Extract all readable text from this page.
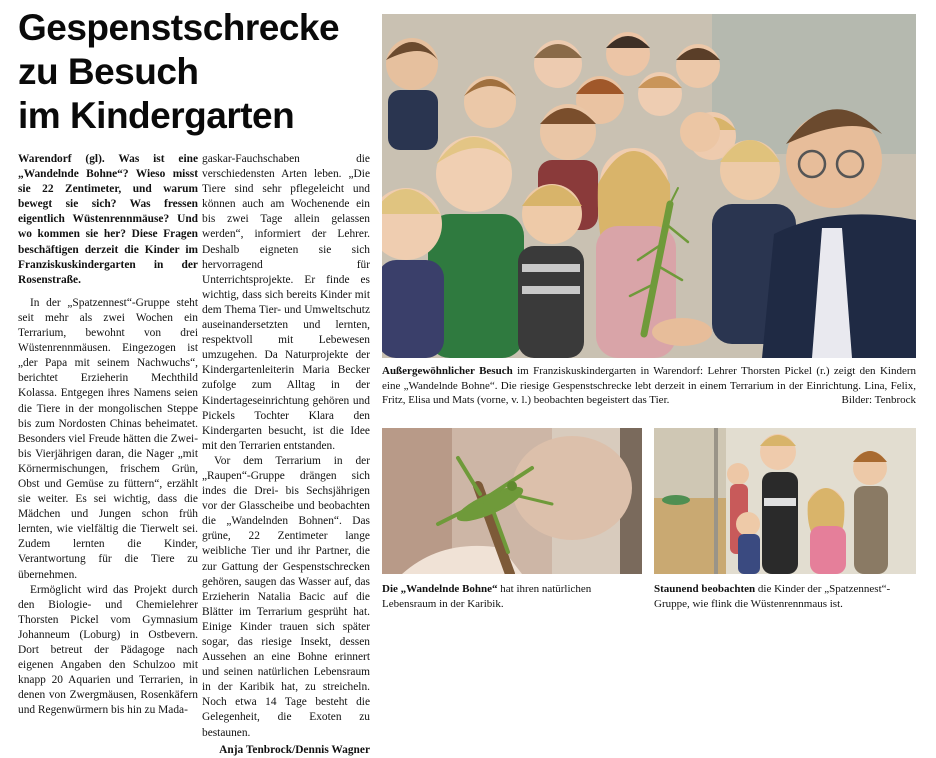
Gespenstschrecke
zu Besuch
im Kindergarten

Warendorf (gl). Was ist eine „Wandelnde Bohne“? Wieso misst sie 22 Zentimeter, und warum bewegt sie sich? Was fressen eigentlich Wüstenrennmäuse? Und wo kommen sie her? Diese Fragen beschäftigen derzeit die Kinder im Franziskuskindergarten in der Rosenstraße.

In der „Spatzennest“-Gruppe steht seit mehr als zwei Wochen ein Terrarium, bewohnt von drei Wüstenrennmäusen. Eingezogen ist „der Papa mit seinem Nachwuchs“, berichtet Erzieherin Mechthild Kolassa. Entgegen ihres Namens seien die Tiere in der mongolischen Steppe bis zum Nordosten Chinas beheimatet. Besonders viel Freude hätten die Zwei- bis Vierjährigen daran, die Nager „mit Körnermischungen, frischem Grün, Obst und Gemüse zu füttern“, erzählt sie weiter. Es sei wichtig, dass die Mädchen und Jungen schon früh lernten, wie vielfältig die Tierwelt sei. Zudem lernten die Kinder, Verantwortung für die Tiere zu übernehmen.

Ermöglicht wird das Projekt durch den Biologie- und Chemielehrer Thorsten Pickel vom Gymnasium Johanneum (Loburg) in Ostbevern. Dort betreut der Pädagoge nach eigenen Angaben den Schulzoo mit knapp 20 Aquarien und Terrarien, in denen von Zwergmäusen, Rosenkäfern und Regenwürmern bis hin zu Mada-

gaskar-Fauchschaben die verschiedensten Arten leben. „Die Tiere sind sehr pflegeleicht und können auch am Wochenende ein bis zwei Tage allein gelassen werden“, informiert der Lehrer. Deshalb eigneten sie sich hervorragend für Unterrichtsprojekte. Er finde es wichtig, dass sich bereits Kinder mit dem Thema Tier- und Umweltschutz auseinandersetzten und lernten, respektvoll mit Lebewesen umzugehen. Da Naturprojekte der Kindergartenleiterin Maria Becker zufolge zum Alltag in der Kindertageseinrichtung gehören und Pickels Tochter Klara den Kindergarten besucht, ist die Idee mit den Terrarien entstanden.

Vor dem Terrarium in der „Raupen“-Gruppe drängen sich indes die Drei- bis Sechsjährigen vor der Glasscheibe und beobachten die „Wandelnden Bohnen“. Das grüne, 22 Zentimeter lange weibliche Tier und ihr Partner, die zur Gattung der Gespenstschrecken gehören, saugen das Wasser auf, das Erzieherin Natalia Bacic auf die Blätter im Terrarium gesprüht hat. Einige Kinder trauen sich später sogar, das riesige Insekt, dessen Aussehen an eine Bohne erinnert und seinen natürlichen Lebensraum in der Karibik hat, zu streicheln. Noch etwa 14 Tage besteht die Gelegenheit, die Exoten zu bestaunen.

Anja Tenbrock/Dennis Wagner
Außergewöhnlicher Besuch im Franziskuskindergarten in Warendorf: Lehrer Thorsten Pickel (r.) zeigt den Kindern eine „Wandelnde Bohne“. Die riesige Gespenstschrecke lebt derzeit in einem Terrarium in der Einrichtung. Lina, Felix, Fritz, Elisa und Mats (vorne, v. l.) beobachten begeistert das Tier.	Bilder: Tenbrock
Die „Wandelnde Bohne“ hat ihren natürlichen Lebensraum in der Karibik.
Staunend beobachten die Kinder der „Spatzennest“-Gruppe, wie flink die Wüstenrennmaus ist.
